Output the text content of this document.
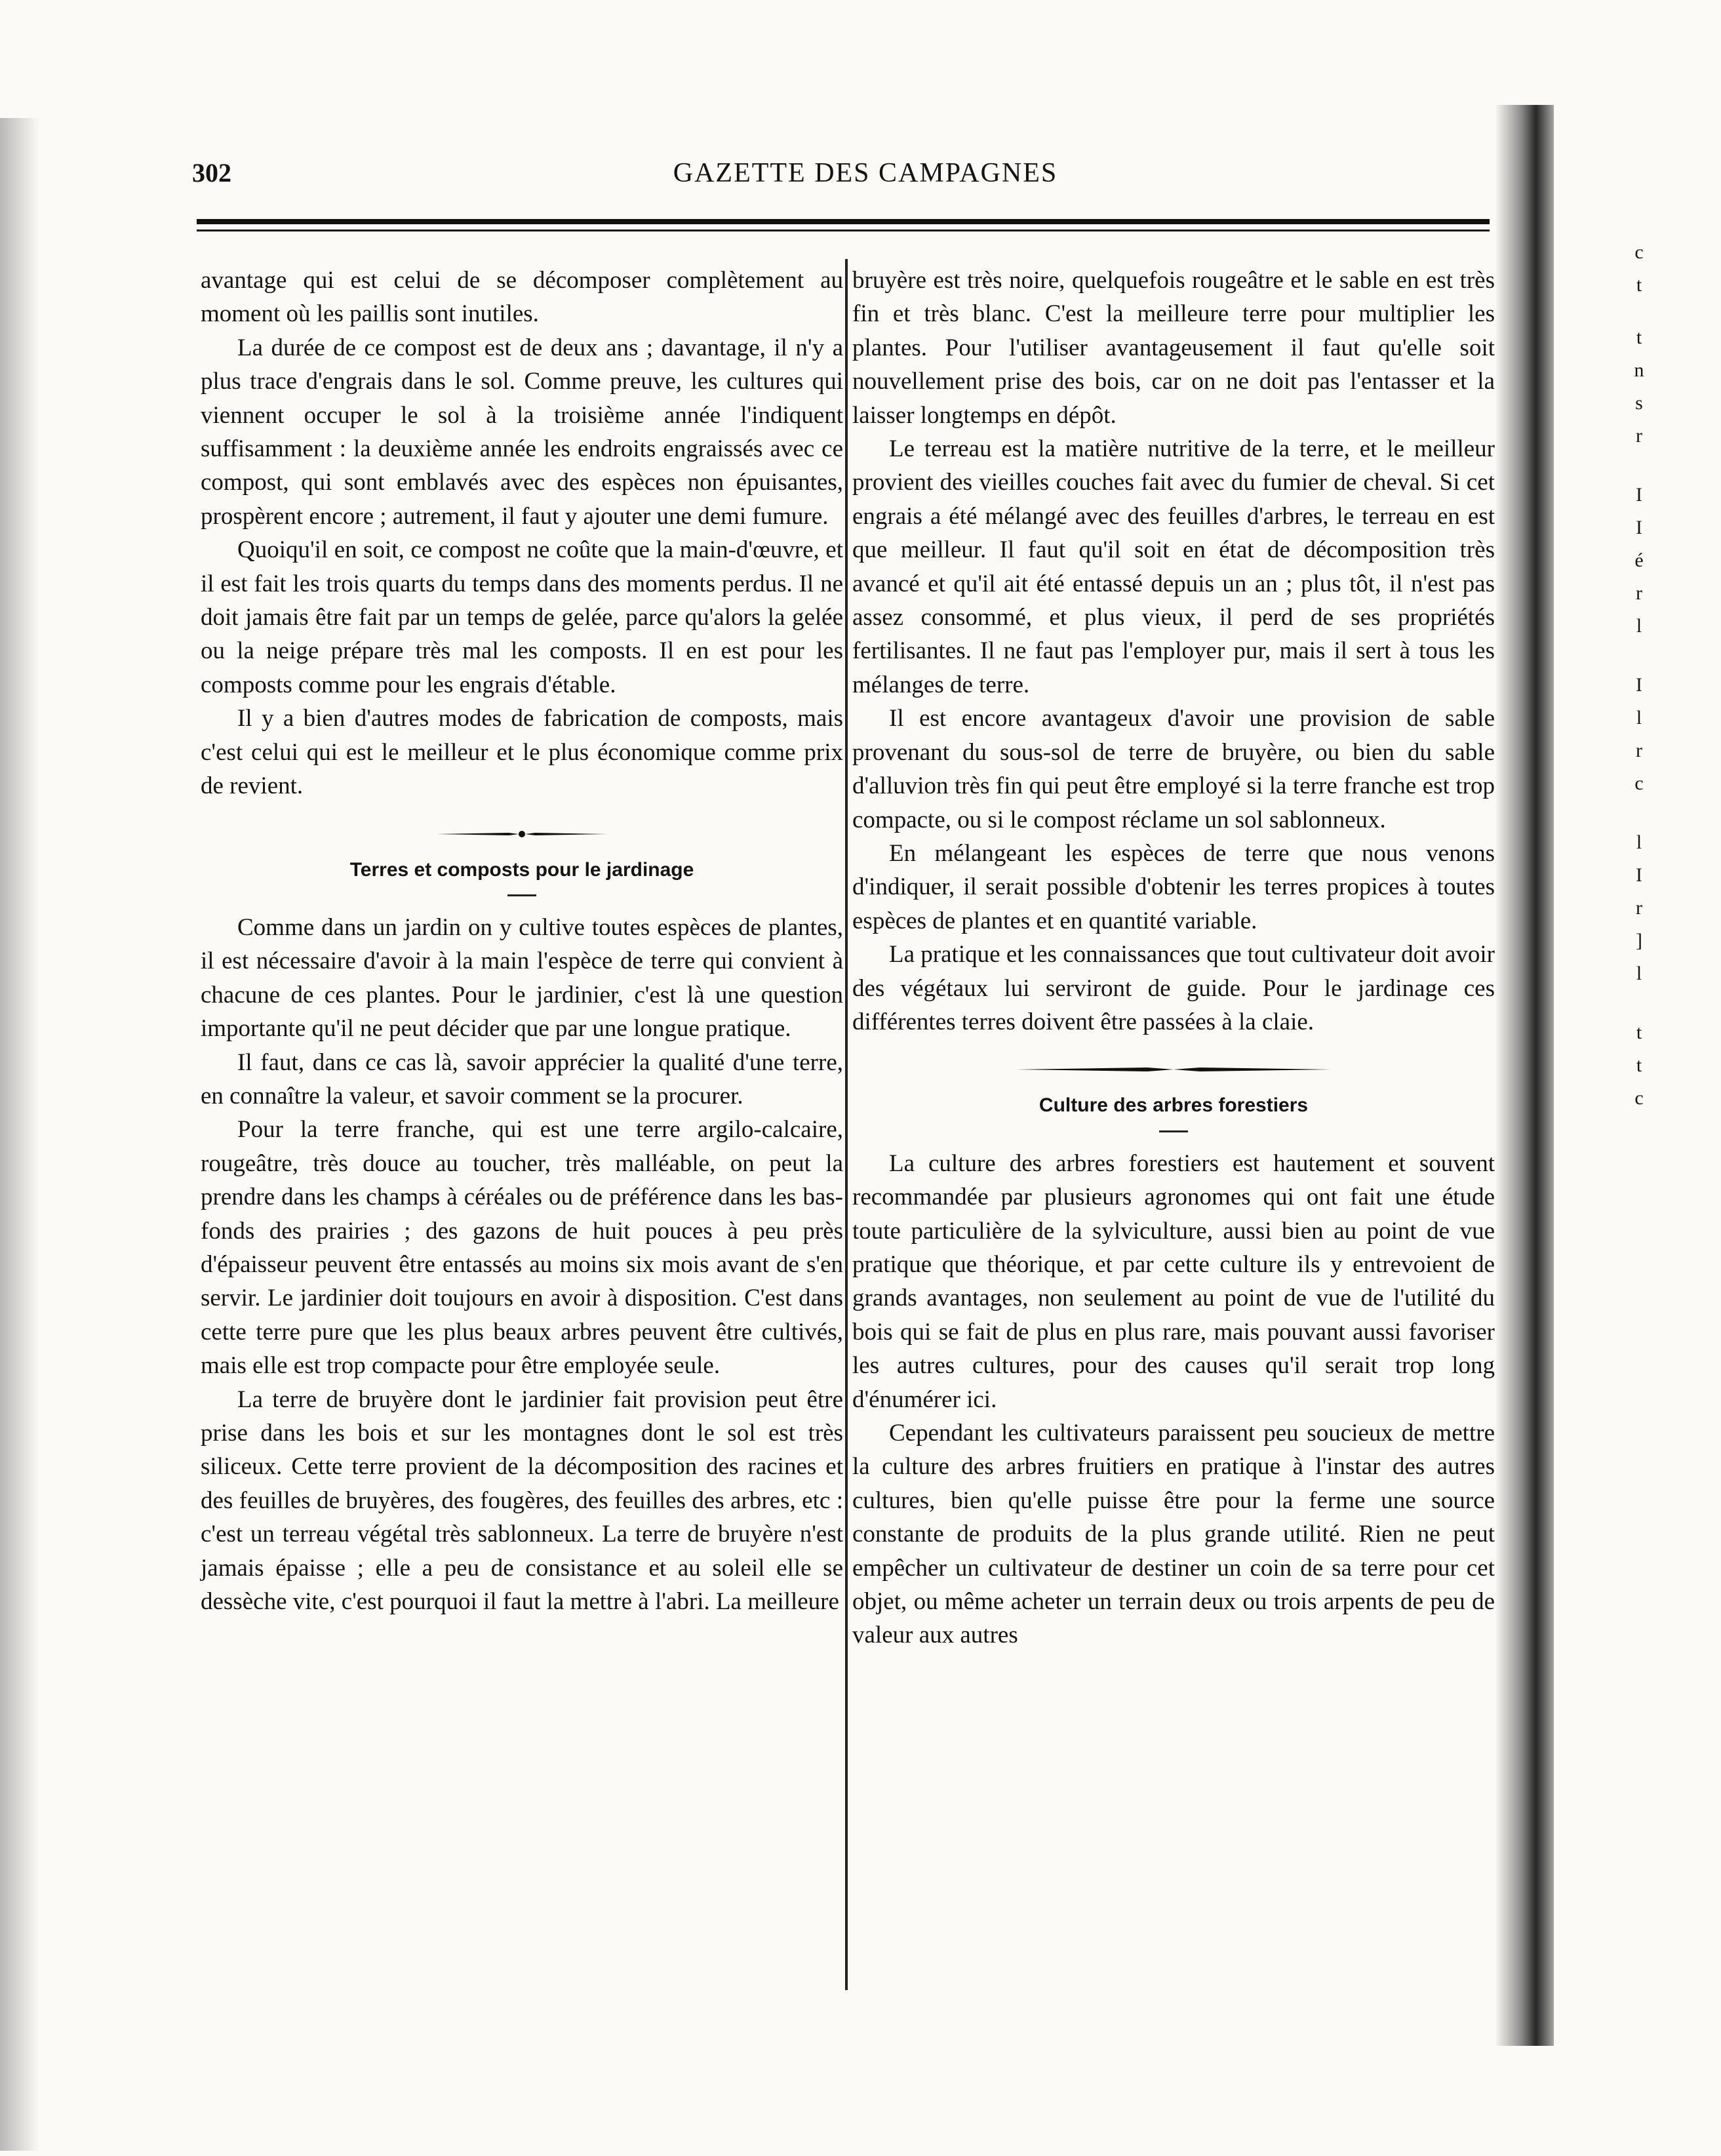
302	GAZETTE DES CAMPAGNES

avantage qui est celui de se décomposer complètement au moment où les paillis sont inutiles.

La durée de ce compost est de deux ans ; davantage, il n'y a plus trace d'engrais dans le sol. Comme preuve, les cultures qui viennent occuper le sol à la troisième année l'indiquent suffisamment : la deuxième année les endroits engraissés avec ce compost, qui sont emblavés avec des espèces non épuisantes, prospèrent encore ; autrement, il faut y ajouter une demi fumure.

Quoiqu'il en soit, ce compost ne coûte que la main-d'œuvre, et il est fait les trois quarts du temps dans des moments perdus. Il ne doit jamais être fait par un temps de gelée, parce qu'alors la gelée ou la neige prépare très mal les composts. Il en est pour les composts comme pour les engrais d'étable.

Il y a bien d'autres modes de fabrication de composts, mais c'est celui qui est le meilleur et le plus économique comme prix de revient.

Terres et composts pour le jardinage

Comme dans un jardin on y cultive toutes espèces de plantes, il est nécessaire d'avoir à la main l'espèce de terre qui convient à chacune de ces plantes. Pour le jardinier, c'est là une question importante qu'il ne peut décider que par une longue pratique.

Il faut, dans ce cas là, savoir apprécier la qualité d'une terre, en connaître la valeur, et savoir comment se la procurer.

Pour la terre franche, qui est une terre argilo-calcaire, rougeâtre, très douce au toucher, très malléable, on peut la prendre dans les champs à céréales ou de préférence dans les bas-fonds des prairies ; des gazons de huit pouces à peu près d'épaisseur peuvent être entassés au moins six mois avant de s'en servir. Le jardinier doit toujours en avoir à disposition. C'est dans cette terre pure que les plus beaux arbres peuvent être cultivés, mais elle est trop compacte pour être employée seule.

La terre de bruyère dont le jardinier fait provision peut être prise dans les bois et sur les montagnes dont le sol est très siliceux. Cette terre provient de la décomposition des racines et des feuilles de bruyères, des fougères, des feuilles des arbres, etc : c'est un terreau végétal très sablonneux. La terre de bruyère n'est jamais épaisse ; elle a peu de consistance et au soleil elle se dessèche vite, c'est pourquoi il faut la mettre à l'abri. La meilleure

bruyère est très noire, quelquefois rougeâtre et le sable en est très fin et très blanc. C'est la meilleure terre pour multiplier les plantes. Pour l'utiliser avantageusement il faut qu'elle soit nouvellement prise des bois, car on ne doit pas l'entasser et la laisser longtemps en dépôt.

Le terreau est la matière nutritive de la terre, et le meilleur provient des vieilles couches fait avec du fumier de cheval. Si cet engrais a été mélangé avec des feuilles d'arbres, le terreau en est que meilleur. Il faut qu'il soit en état de décomposition très avancé et qu'il ait été entassé depuis un an ; plus tôt, il n'est pas assez consommé, et plus vieux, il perd de ses propriétés fertilisantes. Il ne faut pas l'employer pur, mais il sert à tous les mélanges de terre.

Il est encore avantageux d'avoir une provision de sable provenant du sous-sol de terre de bruyère, ou bien du sable d'alluvion très fin qui peut être employé si la terre franche est trop compacte, ou si le compost réclame un sol sablonneux.

En mélangeant les espèces de terre que nous venons d'indiquer, il serait possible d'obtenir les terres propices à toutes espèces de plantes et en quantité variable.

La pratique et les connaissances que tout cultivateur doit avoir des végétaux lui serviront de guide. Pour le jardinage ces différentes terres doivent être passées à la claie.

Culture des arbres forestiers

La culture des arbres forestiers est hautement et souvent recommandée par plusieurs agronomes qui ont fait une étude toute particulière de la sylviculture, aussi bien au point de vue pratique que théorique, et par cette culture ils y entrevoient de grands avantages, non seulement au point de vue de l'utilité du bois qui se fait de plus en plus rare, mais pouvant aussi favoriser les autres cultures, pour des causes qu'il serait trop long d'énumérer ici.

Cependant les cultivateurs paraissent peu soucieux de mettre la culture des arbres fruitiers en pratique à l'instar des autres cultures, bien qu'elle puisse être pour la ferme une source constante de produits de la plus grande utilité. Rien ne peut empêcher un cultivateur de destiner un coin de sa terre pour cet objet, ou même acheter un terrain deux ou trois arpents de peu de valeur aux autres

c
t
t
n
s
r
I
I
é
r
l
I
l
r
c
l
I
r
]
l
t
t
c
